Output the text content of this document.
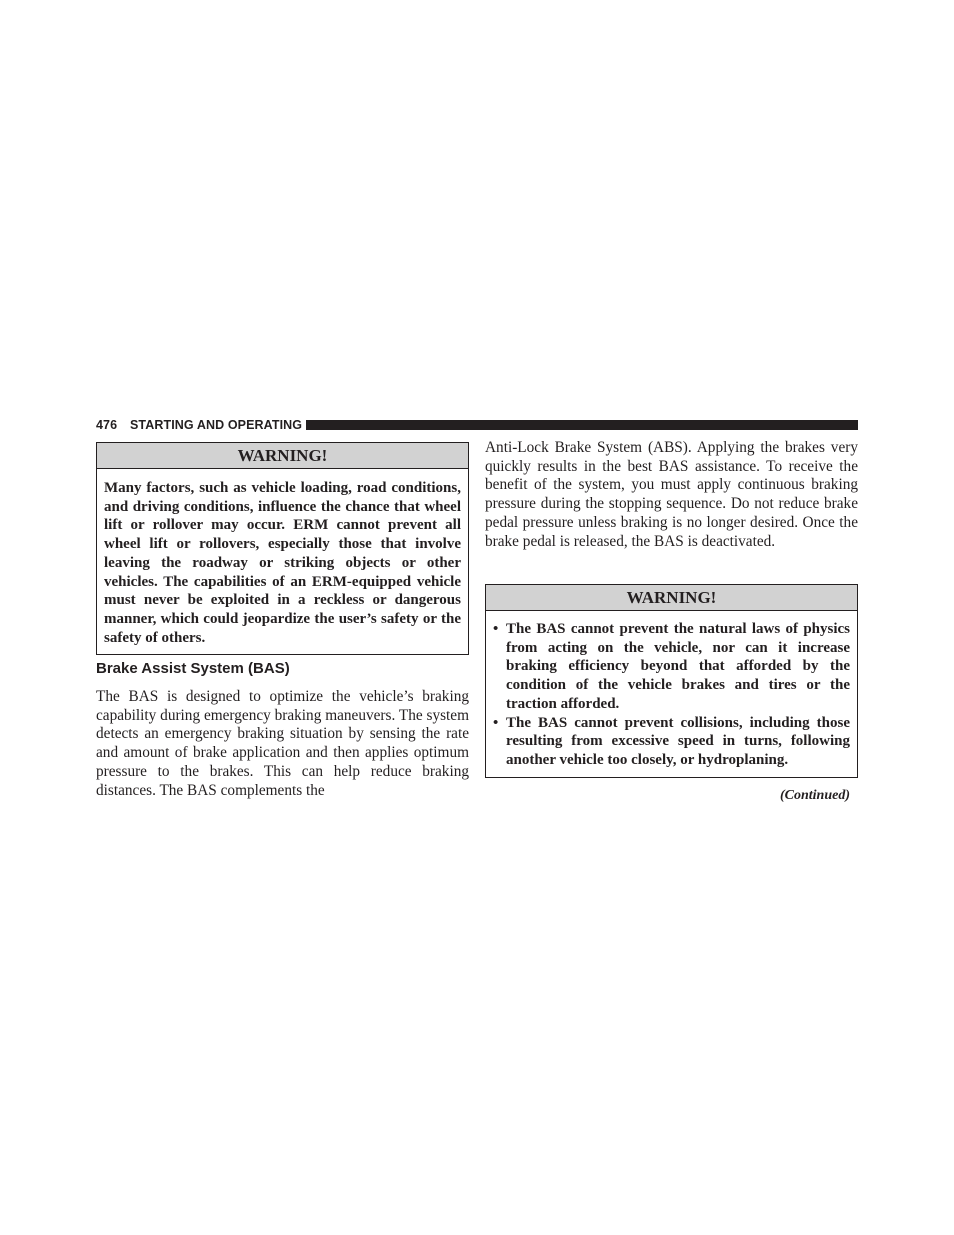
476 STARTING AND OPERATING
WARNING!
Many factors, such as vehicle loading, road conditions, and driving conditions, influence the chance that wheel lift or rollover may occur. ERM cannot prevent all wheel lift or rollovers, especially those that involve leaving the roadway or striking objects or other vehicles. The capabilities of an ERM-equipped vehicle must never be exploited in a reckless or dangerous manner, which could jeopardize the user’s safety or the safety of others.
Brake Assist System (BAS)
The BAS is designed to optimize the vehicle’s braking capability during emergency braking maneuvers. The system detects an emergency braking situation by sensing the rate and amount of brake application and then applies optimum pressure to the brakes. This can help reduce braking distances. The BAS complements the
Anti-Lock Brake System (ABS). Applying the brakes very quickly results in the best BAS assistance. To receive the benefit of the system, you must apply continuous braking pressure during the stopping sequence. Do not reduce brake pedal pressure unless braking is no longer desired. Once the brake pedal is released, the BAS is deactivated.
WARNING!
• The BAS cannot prevent the natural laws of physics from acting on the vehicle, nor can it increase braking efficiency beyond that afforded by the condition of the vehicle brakes and tires or the traction afforded.
• The BAS cannot prevent collisions, including those resulting from excessive speed in turns, following another vehicle too closely, or hydroplaning.
(Continued)
